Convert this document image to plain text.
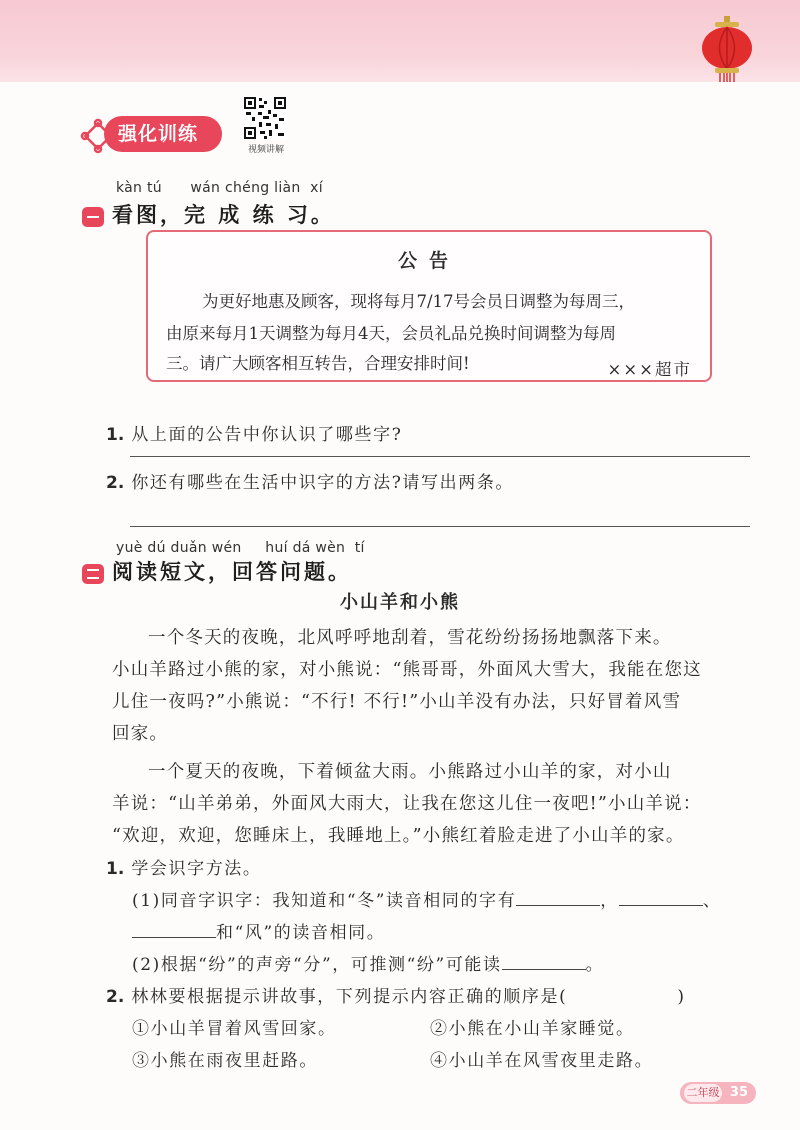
强化训练
视频讲解
kàn tú      wán chéng liàn  xí
看图，完 成 练 习。
公告
为更好地惠及顾客，现将每月7/17号会员日调整为每周三，
由原来每月1天调整为每月4天，会员礼品兑换时间调整为每周
三。请广大顾客相互转告，合理安排时间!	×××超市
1. 从上面的公告中你认识了哪些字?
2. 你还有哪些在生活中识字的方法?请写出两条。
yuè dú duǎn wén     huí dá wèn  tí
阅读短文，回答问题。
小山羊和小熊
一个冬天的夜晚，北风呼呼地刮着，雪花纷纷扬扬地飘落下来。
小山羊路过小熊的家，对小熊说：“熊哥哥，外面风大雪大，我能在您这
儿住一夜吗?”小熊说：“不行! 不行!”小山羊没有办法，只好冒着风雪
回家。
一个夏天的夜晚，下着倾盆大雨。小熊路过小山羊的家，对小山
羊说：“山羊弟弟，外面风大雨大，让我在您这儿住一夜吧!”小山羊说：
“欢迎，欢迎，您睡床上，我睡地上。”小熊红着脸走进了小山羊的家。
1. 学会识字方法。
(1)同音字识字：我知道和“冬”读音相同的字有	，	、
和“风”的读音相同。
(2)根据“纷”的声旁“分”，可推测“纷”可能读	。
2. 林林要根据提示讲故事，下列提示内容正确的顺序是(	)
①小山羊冒着风雪回家。	②小熊在小山羊家睡觉。
③小熊在雨夜里赶路。	④小山羊在风雪夜里走路。
二年级 35
